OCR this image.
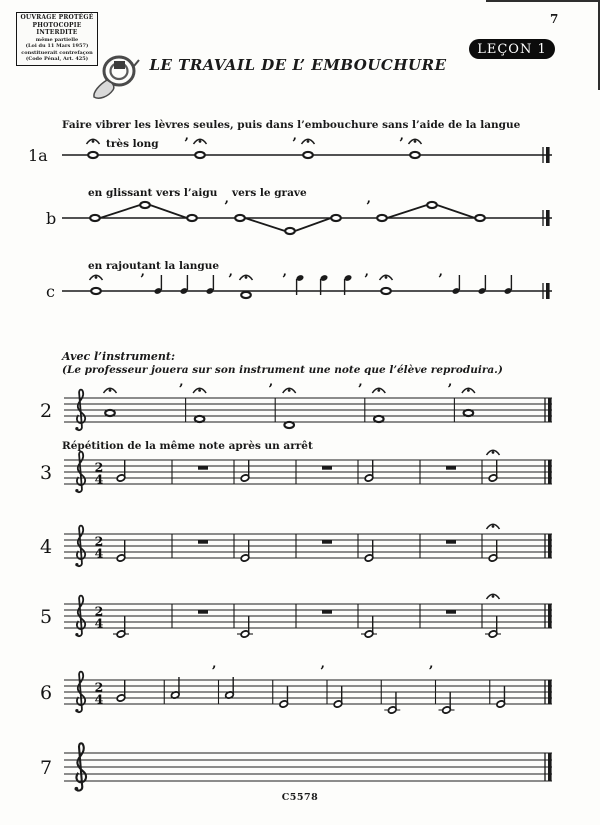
OUVRAGE PROTÉGÉ
PHOTOCOPIE INTERDITE
même partielle
(Loi du 11 Mars 1957)
constituerait contrefaçon
(Code Pénal, Art. 425)
7
LEÇON 1
LE TRAVAIL DE L’ EMBOUCHURE
Faire vibrer les lèvres seules, puis dans l’embouchure sans l’aide de la langue
Avec l’instrument:
(Le professeur jouera sur son instrument une note que l’élève reproduira.)
Répétition de la même note après un arrêt
1a
très long ’	’	’
b
en glissant vers l’aigu vers le grave
’	’
c
en rajoutant la langue
’	’	’	’	’
2
’	’	’	’
3	2
4
4	2
4
5	2
4
6	2
4
’	’	’
7
C5578
